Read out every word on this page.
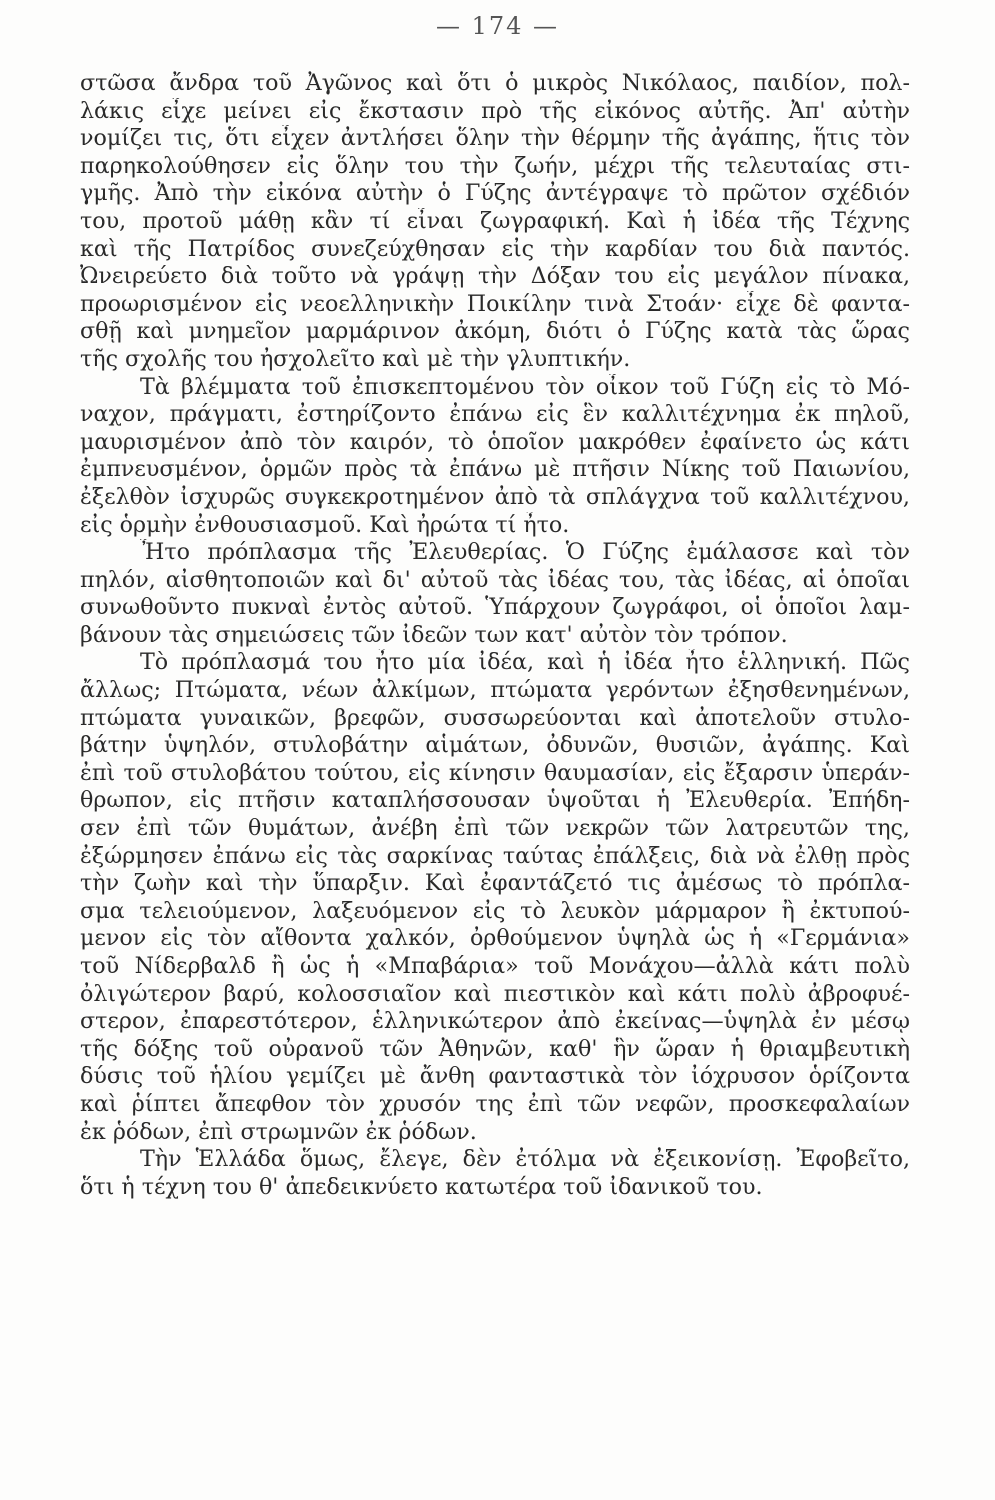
— 174 —

στῶσα ἄνδρα τοῦ Ἀγῶνος καὶ ὅτι ὁ μικρὸς Νικόλαος, παιδίον, πολ-
λάκις εἶχε μείνει εἰς ἔκστασιν πρὸ τῆς εἰκόνος αὐτῆς. Ἀπ' αὐτὴν
νομίζει τις, ὅτι εἶχεν ἀντλήσει ὅλην τὴν θέρμην τῆς ἀγάπης, ἥτις τὸν
παρηκολούθησεν εἰς ὅλην του τὴν ζωήν, μέχρι τῆς τελευταίας στι-
γμῆς. Ἀπὸ τὴν εἰκόνα αὐτὴν ὁ Γύζης ἀντέγραψε τὸ πρῶτον σχέδιόν
του, προτοῦ μάθῃ κἂν τί εἶναι ζωγραφική. Καὶ ἡ ἰδέα τῆς Τέχνης
καὶ τῆς Πατρίδος συνεζεύχθησαν εἰς τὴν καρδίαν του διὰ παντός.
Ὠνειρεύετο διὰ τοῦτο νὰ γράψῃ τὴν Δόξαν του εἰς μεγάλον πίνακα,
προωρισμένον εἰς νεοελληνικὴν Ποικίλην τινὰ Στοάν· εἶχε δὲ φαντα-
σθῇ καὶ μνημεῖον μαρμάρινον ἀκόμη, διότι ὁ Γύζης κατὰ τὰς ὥρας
τῆς σχολῆς του ἠσχολεῖτο καὶ μὲ τὴν γλυπτικήν.

Τὰ βλέμματα τοῦ ἐπισκεπτομένου τὸν οἶκον τοῦ Γύζη εἰς τὸ Μό-
ναχον, πράγματι, ἐστηρίζοντο ἐπάνω εἰς ἓν καλλιτέχνημα ἐκ πηλοῦ,
μαυρισμένον ἀπὸ τὸν καιρόν, τὸ ὁποῖον μακρόθεν ἐφαίνετο ὡς κάτι
ἐμπνευσμένον, ὁρμῶν πρὸς τὰ ἐπάνω μὲ πτῆσιν Νίκης τοῦ Παιωνίου,
ἐξελθὸν ἰσχυρῶς συγκεκροτημένον ἀπὸ τὰ σπλάγχνα τοῦ καλλιτέχνου,
εἰς ὁρμὴν ἐνθουσιασμοῦ. Καὶ ἠρώτα τί ἦτο.

Ἦτο πρόπλασμα τῆς Ἐλευθερίας. Ὁ Γύζης ἐμάλασσε καὶ τὸν
πηλόν, αἰσθητοποιῶν καὶ δι' αὐτοῦ τὰς ἰδέας του, τὰς ἰδέας, αἱ ὁποῖαι
συνωθοῦντο πυκναὶ ἐντὸς αὐτοῦ. Ὑπάρχουν ζωγράφοι, οἱ ὁποῖοι λαμ-
βάνουν τὰς σημειώσεις τῶν ἰδεῶν των κατ' αὐτὸν τὸν τρόπον.

Τὸ πρόπλασμά του ἦτο μία ἰδέα, καὶ ἡ ἰδέα ἦτο ἑλληνική. Πῶς
ἄλλως; Πτώματα, νέων ἀλκίμων, πτώματα γερόντων ἐξησθενημένων,
πτώματα γυναικῶν, βρεφῶν, συσσωρεύονται καὶ ἀποτελοῦν στυλο-
βάτην ὑψηλόν, στυλοβάτην αἱμάτων, ὀδυνῶν, θυσιῶν, ἀγάπης. Καὶ
ἐπὶ τοῦ στυλοβάτου τούτου, εἰς κίνησιν θαυμασίαν, εἰς ἔξαρσιν ὑπεράν-
θρωπον, εἰς πτῆσιν καταπλήσσουσαν ὑψοῦται ἡ Ἐλευθερία. Ἐπήδη-
σεν ἐπὶ τῶν θυμάτων, ἀνέβη ἐπὶ τῶν νεκρῶν τῶν λατρευτῶν της,
ἐξώρμησεν ἐπάνω εἰς τὰς σαρκίνας ταύτας ἐπάλξεις, διὰ νὰ ἐλθῃ πρὸς
τὴν ζωὴν καὶ τὴν ὕπαρξιν. Καὶ ἐφαντάζετό τις ἀμέσως τὸ πρόπλα-
σμα τελειούμενον, λαξευόμενον εἰς τὸ λευκὸν μάρμαρον ἢ ἐκτυπού-
μενον εἰς τὸν αἴθοντα χαλκόν, ὀρθούμενον ὑψηλὰ ὡς ἡ «Γερμάνια»
τοῦ Νίδερβαλδ ἢ ὡς ἡ «Μπαβάρια» τοῦ Μονάχου—ἀλλὰ κάτι πολὺ
ὀλιγώτερον βαρύ, κολοσσιαῖον καὶ πιεστικὸν καὶ κάτι πολὺ ἀβροφυέ-
στερον, ἐπαρεστότερον, ἑλληνικώτερον ἀπὸ ἐκείνας—ὑψηλὰ ἐν μέσῳ
τῆς δόξης τοῦ οὐρανοῦ τῶν Ἀθηνῶν, καθ' ἣν ὥραν ἡ θριαμβευτικὴ
δύσις τοῦ ἡλίου γεμίζει μὲ ἄνθη φανταστικὰ τὸν ἰόχρυσον ὁρίζοντα
καὶ ῥίπτει ἄπεφθον τὸν χρυσόν της ἐπὶ τῶν νεφῶν, προσκεφαλαίων
ἐκ ῥόδων, ἐπὶ στρωμνῶν ἐκ ῥόδων.

Τὴν Ἑλλάδα ὅμως, ἔλεγε, δὲν ἐτόλμα νὰ ἐξεικονίσῃ. Ἐφοβεῖτο,
ὅτι ἡ τέχνη του θ' ἀπεδεικνύετο κατωτέρα τοῦ ἰδανικοῦ του.
